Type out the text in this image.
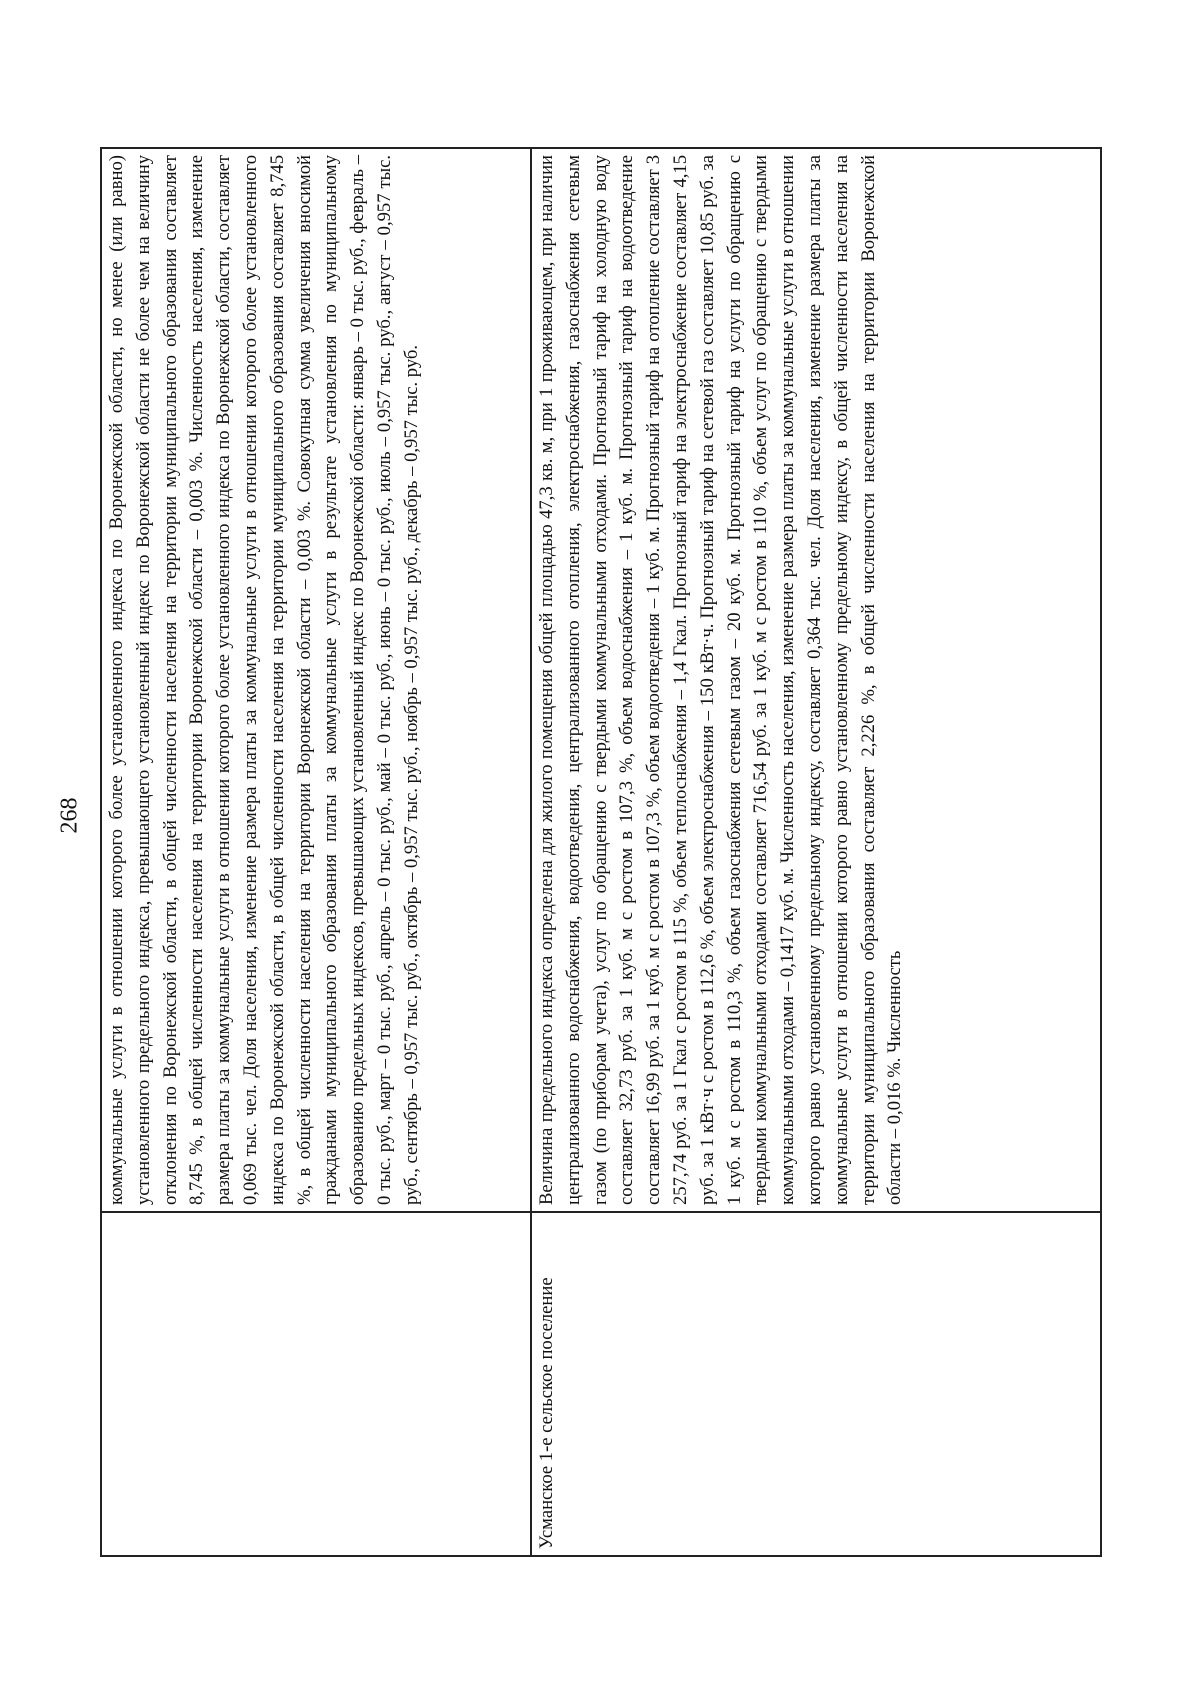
268
	коммунальные услуги в отношении которого более установленного индекса по Воронежской области, но менее (или равно) установленного предельного индекса, превышающего установленный индекс по Воронежской области не более чем на величину отклонения по Воронежской области, в общей численности населения на территории муниципального образования составляет 8,745 %, в общей численности населения на территории Воронежской области – 0,003 %. Численность населения, изменение размера платы за коммунальные услуги в отношении которого более установленного индекса по Воронежской области, составляет 0,069 тыс. чел. Доля населения, изменение размера платы за коммунальные услуги в отношении которого более установленного индекса по Воронежской области, в общей численности населения на территории муниципального образования составляет 8,745 %, в общей численности населения на территории Воронежской области – 0,003 %. Совокупная сумма увеличения вносимой гражданами муниципального образования платы за коммунальные услуги в результате установления по муниципальному образованию предельных индексов, превышающих установленный индекс по Воронежской области: январь – 0 тыс. руб., февраль – 0 тыс. руб., март – 0 тыс. руб., апрель – 0 тыс. руб., май – 0 тыс. руб., июнь – 0 тыс. руб., июль – 0,957 тыс. руб., август – 0,957 тыс. руб., сентябрь – 0,957 тыс. руб., октябрь – 0,957 тыс. руб., ноябрь – 0,957 тыс. руб., декабрь – 0,957 тыс. руб.
Усманское 1-е сельское поселение	Величина предельного индекса определена для жилого помещения общей площадью 47,3 кв. м, при 1 проживающем, при наличии централизованного водоснабжения, водоотведения, централизованного отопления, электроснабжения, газоснабжения сетевым газом (по приборам учета), услуг по обращению с твердыми коммунальными отходами. Прогнозный тариф на холодную воду составляет 32,73 руб. за 1 куб. м с ростом в 107,3 %, объем водоснабжения – 1 куб. м. Прогнозный тариф на водоотведение составляет 16,99 руб. за 1 куб. м с ростом в 107,3 %, объем водоотведения – 1 куб. м. Прогнозный тариф на отопление составляет 3 257,74 руб. за 1 Гкал с ростом в 115 %, объем теплоснабжения – 1,4 Гкал. Прогнозный тариф на электроснабжение составляет 4,15 руб. за 1 кВт·ч с ростом в 112,6 %, объем электроснабжения – 150 кВт·ч. Прогнозный тариф на сетевой газ составляет 10,85 руб. за 1 куб. м с ростом в 110,3 %, объем газоснабжения сетевым газом – 20 куб. м. Прогнозный тариф на услуги по обращению с твердыми коммунальными отходами составляет 716,54 руб. за 1 куб. м с ростом в 110 %, объем услуг по обращению с твердыми коммунальными отходами – 0,1417 куб. м. Численность населения, изменение размера платы за коммунальные услуги в отношении которого равно установленному предельному индексу, составляет 0,364 тыс. чел. Доля населения, изменение размера платы за коммунальные услуги в отношении которого равно установленному предельному индексу, в общей численности населения на территории муниципального образования составляет 2,226 %, в общей численности населения на территории Воронежской области – 0,016 %. Численность
